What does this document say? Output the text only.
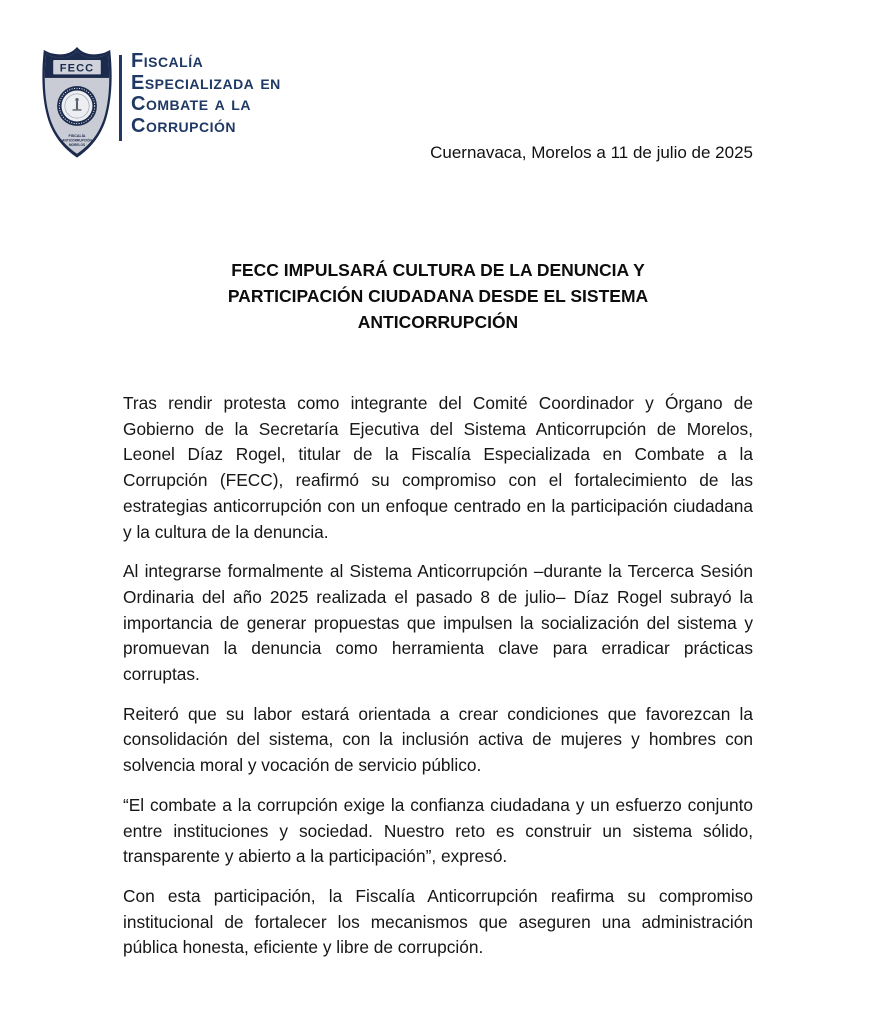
FECC
FISCALÍA
ANTICORRUPCIÓN
MORELOS
Fiscalía
Especializada en
Combate a la
Corrupción
Cuernavaca, Morelos a 11 de julio de 2025
FECC IMPULSARÁ CULTURA DE LA DENUNCIA Y
PARTICIPACIÓN CIUDADANA DESDE EL SISTEMA
ANTICORRUPCIÓN

Tras rendir protesta como integrante del Comité Coordinador y Órgano de Gobierno de la Secretaría Ejecutiva del Sistema Anticorrupción de Morelos, Leonel Díaz Rogel, titular de la Fiscalía Especializada en Combate a la Corrupción (FECC), reafirmó su compromiso con el fortalecimiento de las estrategias anticorrupción con un enfoque centrado en la participación ciudadana y la cultura de la denuncia.

Al integrarse formalmente al Sistema Anticorrupción –durante la Tercerca Sesión Ordinaria del año 2025 realizada el pasado 8 de julio– Díaz Rogel subrayó la importancia de generar propuestas que impulsen la socialización del sistema y promuevan la denuncia como herramienta clave para erradicar prácticas corruptas.

Reiteró que su labor estará orientada a crear condiciones que favorezcan la consolidación del sistema, con la inclusión activa de mujeres y hombres con solvencia moral y vocación de servicio público.

“El combate a la corrupción exige la confianza ciudadana y un esfuerzo conjunto entre instituciones y sociedad. Nuestro reto es construir un sistema sólido, transparente y abierto a la participación”, expresó.

Con esta participación, la Fiscalía Anticorrupción reafirma su compromiso institucional de fortalecer los mecanismos que aseguren una administración pública honesta, eficiente y libre de corrupción.
